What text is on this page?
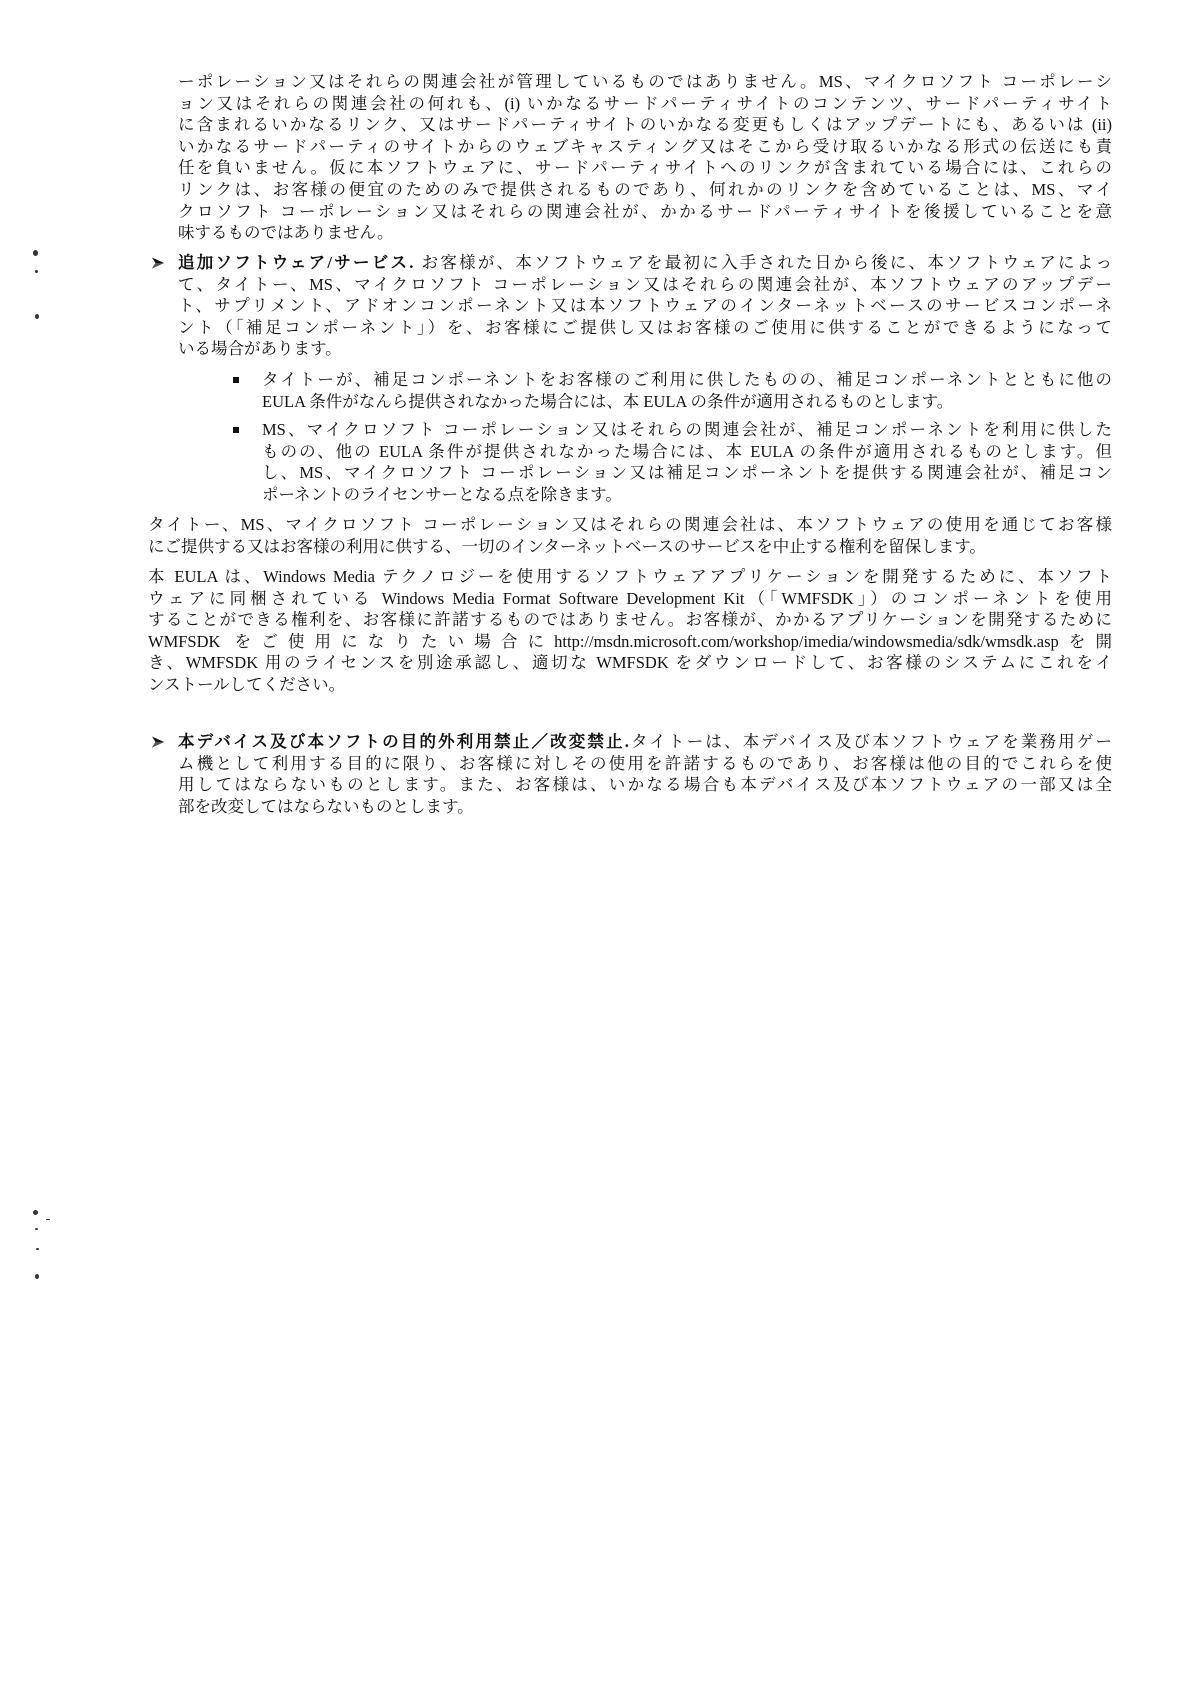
ーポレーション又はそれらの関連会社が管理しているものではありません。MS、マイクロソフト コーポレーシ
ョン又はそれらの関連会社の何れも、(i) いかなるサードパーティサイトのコンテンツ、サードパーティサイト
に含まれるいかなるリンク、又はサードパーティサイトのいかなる変更もしくはアップデートにも、あるいは (ii)
いかなるサードパーティのサイトからのウェブキャスティング又はそこから受け取るいかなる形式の伝送にも責
任を負いません。仮に本ソフトウェアに、サードパーティサイトへのリンクが含まれている場合には、これらの
リンクは、お客様の便宜のためのみで提供されるものであり、何れかのリンクを含めていることは、MS、マイ
クロソフト コーポレーション又はそれらの関連会社が、かかるサードパーティサイトを後援していることを意
味するものではありません。
追加ソフトウェア/サービス. お客様が、本ソフトウェアを最初に入手された日から後に、本ソフトウェアによっ
て、タイトー、MS、マイクロソフト コーポレーション又はそれらの関連会社が、本ソフトウェアのアップデー
ト、サプリメント、アドオンコンポーネント又は本ソフトウェアのインターネットベースのサービスコンポーネ
ント（「補足コンポーネント」）を、お客様にご提供し又はお客様のご使用に供することができるようになって
いる場合があります。
タイトーが、補足コンポーネントをお客様のご利用に供したものの、補足コンポーネントとともに他の
EULA 条件がなんら提供されなかった場合には、本 EULA の条件が適用されるものとします。
MS、マイクロソフト コーポレーション又はそれらの関連会社が、補足コンポーネントを利用に供した
ものの、他の EULA 条件が提供されなかった場合には、本 EULA の条件が適用されるものとします。但
し、MS、マイクロソフト コーポレーション又は補足コンポーネントを提供する関連会社が、補足コン
ポーネントのライセンサーとなる点を除きます。
タイトー、MS、マイクロソフト コーポレーション又はそれらの関連会社は、本ソフトウェアの使用を通じてお客様
にご提供する又はお客様の利用に供する、一切のインターネットベースのサービスを中止する権利を留保します。
本 EULA は、Windows Media テクノロジーを使用するソフトウェアアプリケーションを開発するために、本ソフト
ウェアに同梱されている Windows Media Format Software Development Kit（「WMFSDK」）のコンポーネントを使用
することができる権利を、お客様に許諾するものではありません。お客様が、かかるアプリケーションを開発するために
WMFSDK をご使用になりたい場合にhttp://msdn.microsoft.com/workshop/imedia/windowsmedia/sdk/wmsdk.aspを開
き、WMFSDK 用のライセンスを別途承認し、適切な WMFSDK をダウンロードして、お客様のシステムにこれをイ
ンストールしてください。
本デバイス及び本ソフトの目的外利用禁止／改変禁止.タイトーは、本デバイス及び本ソフトウェアを業務用ゲー
ム機として利用する目的に限り、お客様に対しその使用を許諾するものであり、お客様は他の目的でこれらを使
用してはならないものとします。また、お客様は、いかなる場合も本デバイス及び本ソフトウェアの一部又は全
部を改変してはならないものとします。
